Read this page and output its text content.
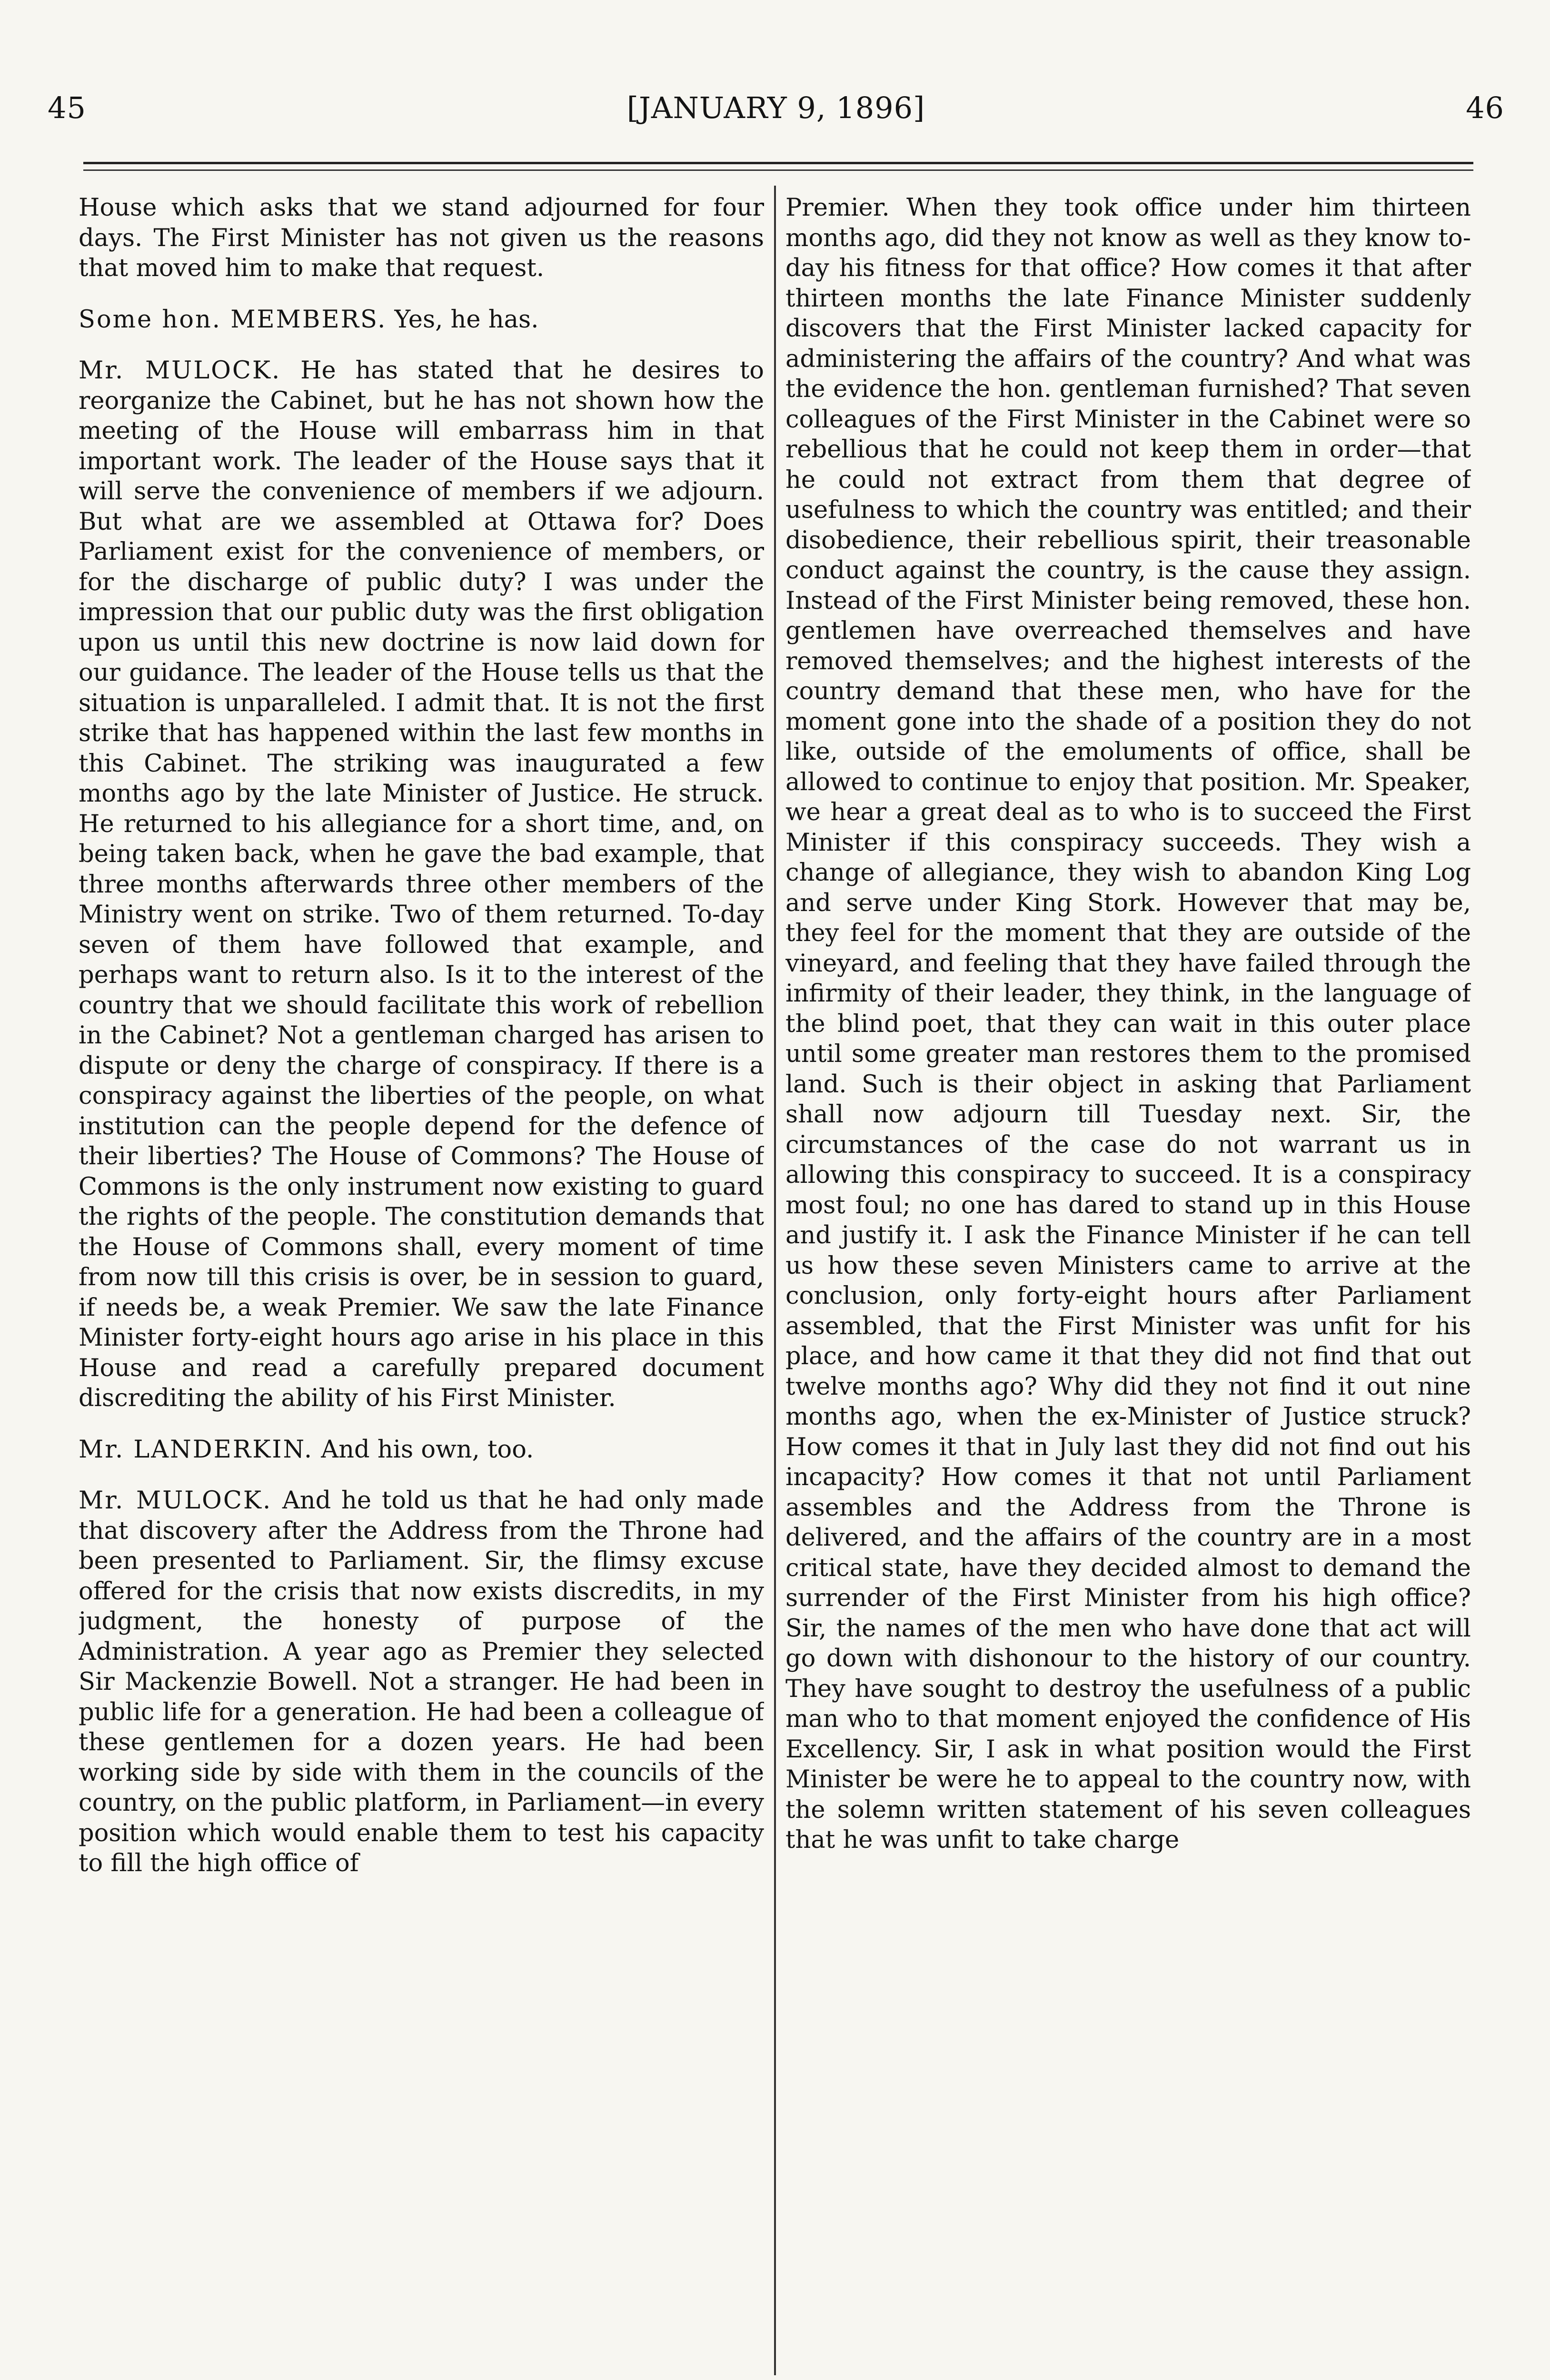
45	[JANUARY 9, 1896]	46

House which asks that we stand adjourned for four days. The First Minister has not given us the reasons that moved him to make that request.

Some hon. MEMBERS. Yes, he has.

Mr. MULOCK. He has stated that he desires to reorganize the Cabinet, but he has not shown how the meeting of the House will embarrass him in that important work. The leader of the House says that it will serve the convenience of members if we adjourn. But what are we assembled at Ottawa for? Does Parliament exist for the convenience of members, or for the discharge of public duty? I was under the impression that our public duty was the first obligation upon us until this new doctrine is now laid down for our guidance. The leader of the House tells us that the situation is unparalleled. I admit that. It is not the first strike that has happened within the last few months in this Cabinet. The striking was inaugurated a few months ago by the late Minister of Justice. He struck. He returned to his allegiance for a short time, and, on being taken back, when he gave the bad example, that three months afterwards three other members of the Ministry went on strike. Two of them returned. To-day seven of them have followed that example, and perhaps want to return also. Is it to the interest of the country that we should facilitate this work of rebellion in the Cabinet? Not a gentleman charged has arisen to dispute or deny the charge of conspiracy. If there is a conspiracy against the liberties of the people, on what institution can the people depend for the defence of their liberties? The House of Commons? The House of Commons is the only instrument now existing to guard the rights of the people. The constitution demands that the House of Commons shall, every moment of time from now till this crisis is over, be in session to guard, if needs be, a weak Premier. We saw the late Finance Minister forty-eight hours ago arise in his place in this House and read a carefully prepared document discrediting the ability of his First Minister.

Mr. LANDERKIN. And his own, too.

Mr. MULOCK. And he told us that he had only made that discovery after the Address from the Throne had been presented to Parliament. Sir, the flimsy excuse offered for the crisis that now exists discredits, in my judgment, the honesty of purpose of the Administration. A year ago as Premier they selected Sir Mackenzie Bowell. Not a stranger. He had been in public life for a generation. He had been a colleague of these gentlemen for a dozen years. He had been working side by side with them in the councils of the country, on the public platform, in Parliament—in every position which would enable them to test his capacity to fill the high office of

Premier. When they took office under him thirteen months ago, did they not know as well as they know to-day his fitness for that office? How comes it that after thirteen months the late Finance Minister suddenly discovers that the First Minister lacked capacity for administering the affairs of the country? And what was the evidence the hon. gentleman furnished? That seven colleagues of the First Minister in the Cabinet were so rebellious that he could not keep them in order—that he could not extract from them that degree of usefulness to which the country was entitled; and their disobedience, their rebellious spirit, their treasonable conduct against the country, is the cause they assign. Instead of the First Minister being removed, these hon. gentlemen have overreached themselves and have removed themselves; and the highest interests of the country demand that these men, who have for the moment gone into the shade of a position they do not like, outside of the emoluments of office, shall be allowed to continue to enjoy that position. Mr. Speaker, we hear a great deal as to who is to succeed the First Minister if this conspiracy succeeds. They wish a change of allegiance, they wish to abandon King Log and serve under King Stork. However that may be, they feel for the moment that they are outside of the vineyard, and feeling that they have failed through the infirmity of their leader, they think, in the language of the blind poet, that they can wait in this outer place until some greater man restores them to the promised land. Such is their object in asking that Parliament shall now adjourn till Tuesday next. Sir, the circumstances of the case do not warrant us in allowing this conspiracy to succeed. It is a conspiracy most foul; no one has dared to stand up in this House and justify it. I ask the Finance Minister if he can tell us how these seven Ministers came to arrive at the conclusion, only forty-eight hours after Parliament assembled, that the First Minister was unfit for his place, and how came it that they did not find that out twelve months ago? Why did they not find it out nine months ago, when the ex-Minister of Justice struck? How comes it that in July last they did not find out his incapacity? How comes it that not until Parliament assembles and the Address from the Throne is delivered, and the affairs of the country are in a most critical state, have they decided almost to demand the surrender of the First Minister from his high office? Sir, the names of the men who have done that act will go down with dishonour to the history of our country. They have sought to destroy the usefulness of a public man who to that moment enjoyed the confidence of His Excellency. Sir, I ask in what position would the First Minister be were he to appeal to the country now, with the solemn written statement of his seven colleagues that he was unfit to take charge
